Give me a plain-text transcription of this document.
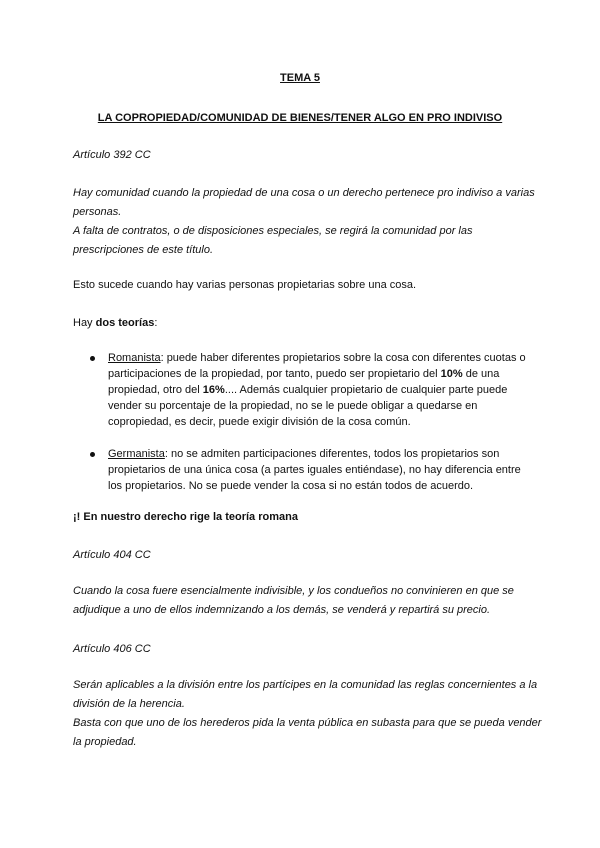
TEMA 5
LA COPROPIEDAD/COMUNIDAD DE BIENES/TENER ALGO EN PRO INDIVISO
Artículo 392 CC

Hay comunidad cuando la propiedad de una cosa o un derecho pertenece pro indiviso a varias personas.

A falta de contratos, o de disposiciones especiales, se regirá la comunidad por las prescripciones de este título.

Esto sucede cuando hay varias personas propietarias sobre una cosa.
Hay dos teorías:
Romanista: puede haber diferentes propietarios sobre la cosa con diferentes cuotas o participaciones de la propiedad, por tanto, puedo ser propietario del 10% de una propiedad, otro del 16%.... Además cualquier propietario de cualquier parte puede vender su porcentaje de la propiedad, no se le puede obligar a quedarse en copropiedad, es decir, puede exigir división de la cosa común.
Germanista: no se admiten participaciones diferentes, todos los propietarios son propietarios de una única cosa (a partes iguales entiéndase), no hay diferencia entre los propietarios. No se puede vender la cosa si no están todos de acuerdo.
¡! En nuestro derecho rige la teoría romana
Artículo 404 CC
Cuando la cosa fuere esencialmente indivisible, y los condueños no convinieren en que se adjudique a uno de ellos indemnizando a los demás, se venderá y repartirá su precio.
Artículo 406 CC

Serán aplicables a la división entre los partícipes en la comunidad las reglas concernientes a la división de la herencia.

Basta con que uno de los herederos pida la venta pública en subasta para que se pueda vender la propiedad.
